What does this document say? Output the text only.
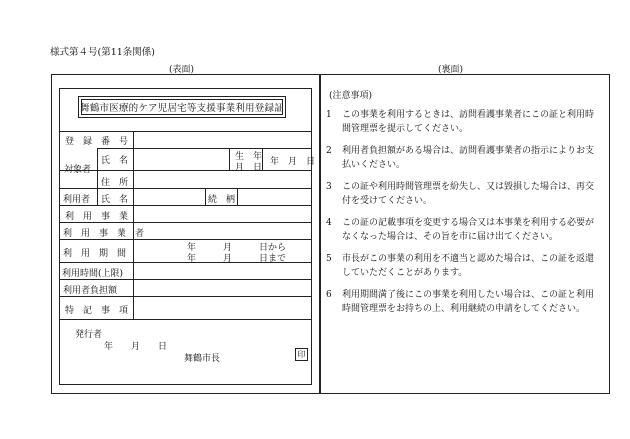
様式第４号(第11条関係)
(表面)	(裏面)
舞鶴市医療的ケア児居宅等支援事業利用登録証
登　録　番　号
対象者
氏　名	生　年
月　日
年　月　日
住　所
利用者 氏　名	続　柄
利　用　事　業
利　用　事　業　者
利　用　期　間
年　　　月　　　日から
年　　　月　　　日まで
利用時間(上限)
利用者負担額
特　記　事　項
発行者
年　　月　　日
舞鶴市長	印
(注意事項)
1 この事業を利用するときは、訪問看護事業者にこの証と利用時間管理票を提示してください。
2 利用者負担額がある場合は、訪問看護事業者の指示によりお支払いください。
3 この証や利用時間管理票を紛失し、又は毀損した場合は、再交付を受けてください。
4 この証の記載事項を変更する場合又は本事業を利用する必要がなくなった場合は、その旨を市に届け出てください。
5 市長がこの事業の利用を不適当と認めた場合は、この証を返還していただくことがあります。
6 利用期間満了後にこの事業を利用したい場合は、この証と利用時間管理票をお持ちの上、利用継続の申請をしてください。
